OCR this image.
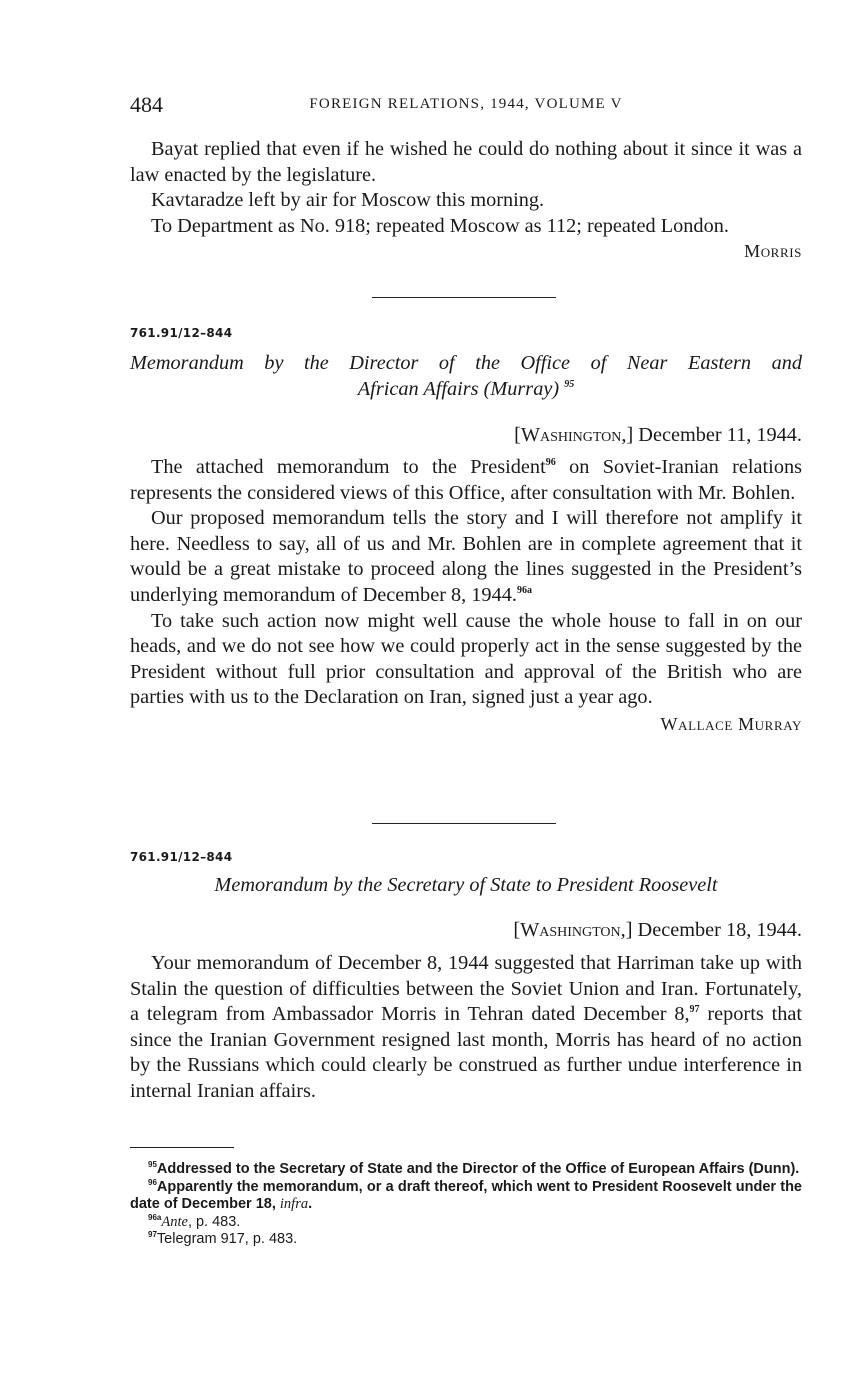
484	FOREIGN RELATIONS, 1944, VOLUME V

Bayat replied that even if he wished he could do nothing about it since it was a law enacted by the legislature.

Kavtaradze left by air for Moscow this morning.

To Department as No. 918; repeated Moscow as 112; repeated London.

Morris
761.91/12–844
Memorandum by the Director of the Office of Near Eastern and
African Affairs (Murray) $^{95}$
[Washington,] December 11, 1944.

The attached memorandum to the President$^{96}$ on Soviet-Iranian relations represents the considered views of this Office, after consultation with Mr. Bohlen.

Our proposed memorandum tells the story and I will therefore not amplify it here. Needless to say, all of us and Mr. Bohlen are in complete agreement that it would be a great mistake to proceed along the lines suggested in the President’s underlying memorandum of December 8, 1944.$^{96a}$

To take such action now might well cause the whole house to fall in on our heads, and we do not see how we could properly act in the sense suggested by the President without full prior consultation and approval of the British who are parties with us to the Declaration on Iran, signed just a year ago.

Wallace Murray
761.91/12–844
Memorandum by the Secretary of State to President Roosevelt
[Washington,] December 18, 1944.

Your memorandum of December 8, 1944 suggested that Harriman take up with Stalin the question of difficulties between the Soviet Union and Iran. Fortunately, a telegram from Ambassador Morris in Tehran dated December 8,97 reports that since the Iranian Government resigned last month, Morris has heard of no action by the Russians which could clearly be construed as further undue interference in internal Iranian affairs.

$^{95}$Addressed to the Secretary of State and the Director of the Office of European Affairs (Dunn).
$^{96}$Apparently the memorandum, or a draft thereof, which went to President Roosevelt under the date of December 18, infra.
$^{96a}$Ante, p. 483.
$^{97}$Telegram 917, p. 483.
